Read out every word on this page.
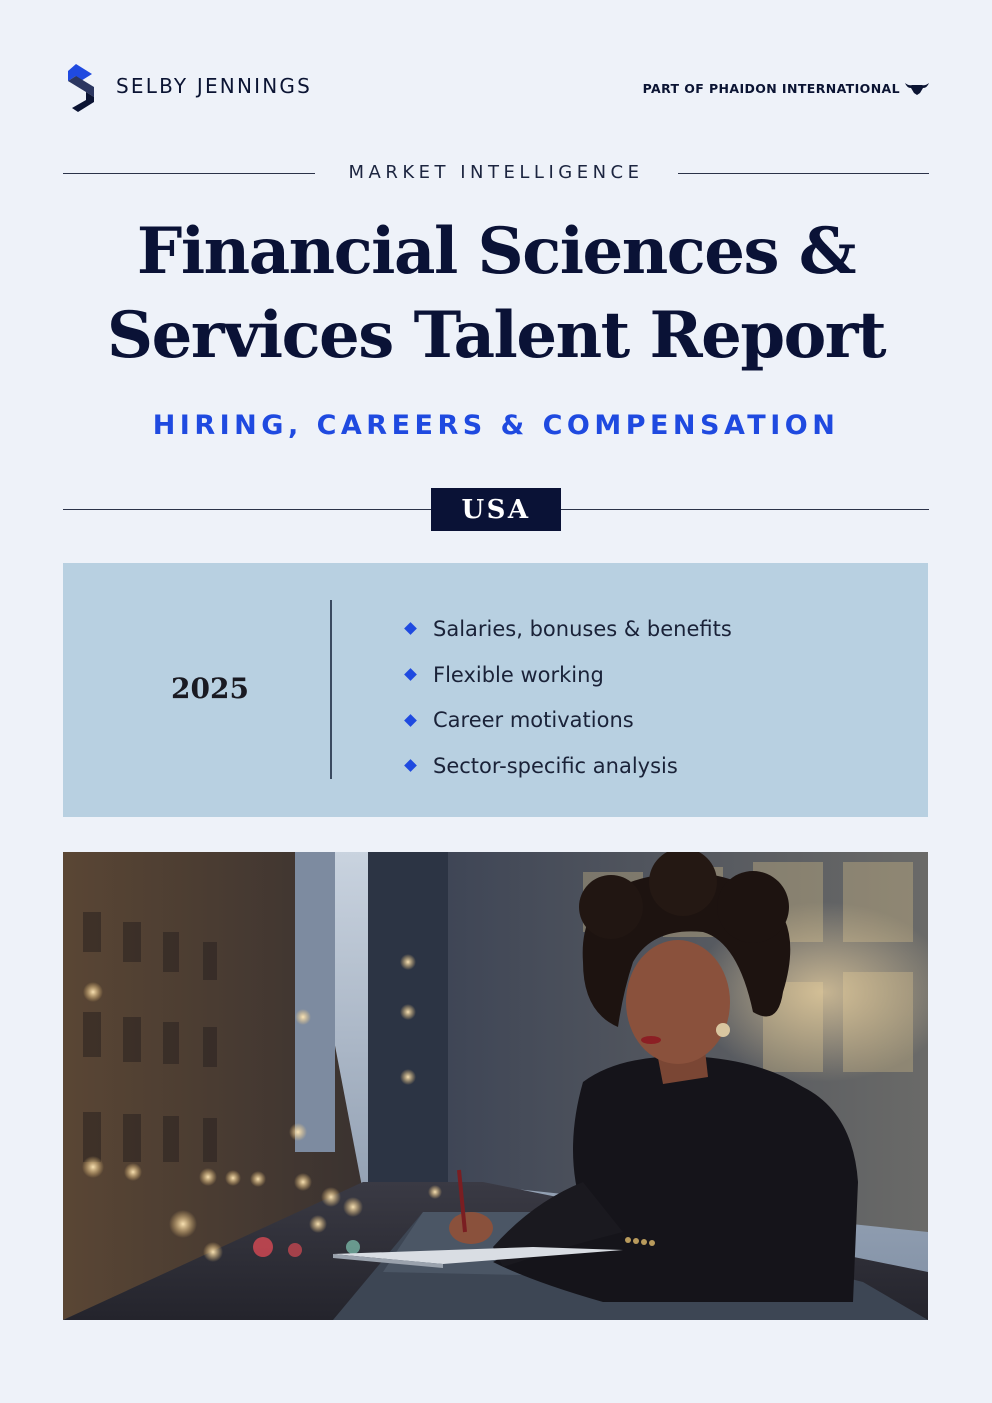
SELBY JENNINGS	PART OF PHAIDON INTERNATIONAL
MARKET INTELLIGENCE
Financial Sciences &
Services Talent Report
HIRING, CAREERS & COMPENSATION
USA
2025
Salaries, bonuses & benefits
Flexible working
Career motivations
Sector-specific analysis
